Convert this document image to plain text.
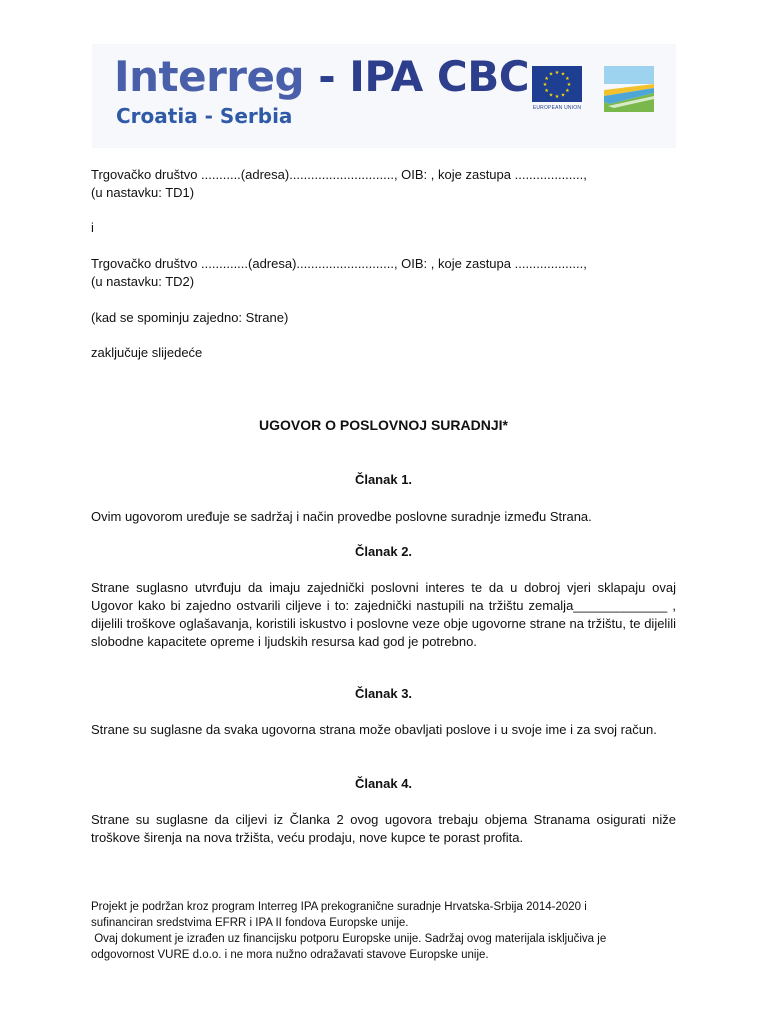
Interreg - IPA CBC
Croatia - Serbia
★ ★
★
★
★
★
★
★
★
★
★
★
EUROPEAN UNION
Trgovačko društvo ...........(adresa)............................., OIB: , koje zastupa ...................,
(u nastavku: TD1)
i
Trgovačko društvo .............(adresa)..........................., OIB: , koje zastupa ...................,
(u nastavku: TD2)
(kad se spominju zajedno: Strane)
zaključuje slijedeće
UGOVOR O POSLOVNOJ SURADNJI*
Članak 1.
Ovim ugovorom uređuje se sadržaj i način provedbe poslovne suradnje između Strana.
Članak 2.
Strane suglasno utvrđuju da imaju zajednički poslovni interes te da u dobroj vjeri sklapaju ovaj Ugovor kako bi zajedno ostvarili ciljeve i to: zajednički nastupili na tržištu zemalja_____________ , dijelili troškove oglašavanja, koristili iskustvo i poslovne veze obje ugovorne strane na tržištu, te dijelili slobodne kapacitete opreme i ljudskih resursa kad god je potrebno.
Članak 3.
Strane su suglasne da svaka ugovorna strana može obavljati poslove i u svoje ime i za svoj račun.
Članak 4.
Strane su suglasne da ciljevi iz Članka 2 ovog ugovora trebaju objema Stranama osigurati niže troškove širenja na nova tržišta, veću prodaju, nove kupce te porast profita.
Projekt je podržan kroz program Interreg IPA prekogranične suradnje Hrvatska-Srbija 2014-2020 i
sufinanciran sredstvima EFRR i IPA II fondova Europske unije.
Ovaj dokument je izrađen uz financijsku potporu Europske unije. Sadržaj ovog materijala isključiva je
odgovornost VURE d.o.o. i ne mora nužno odražavati stavove Europske unije.
